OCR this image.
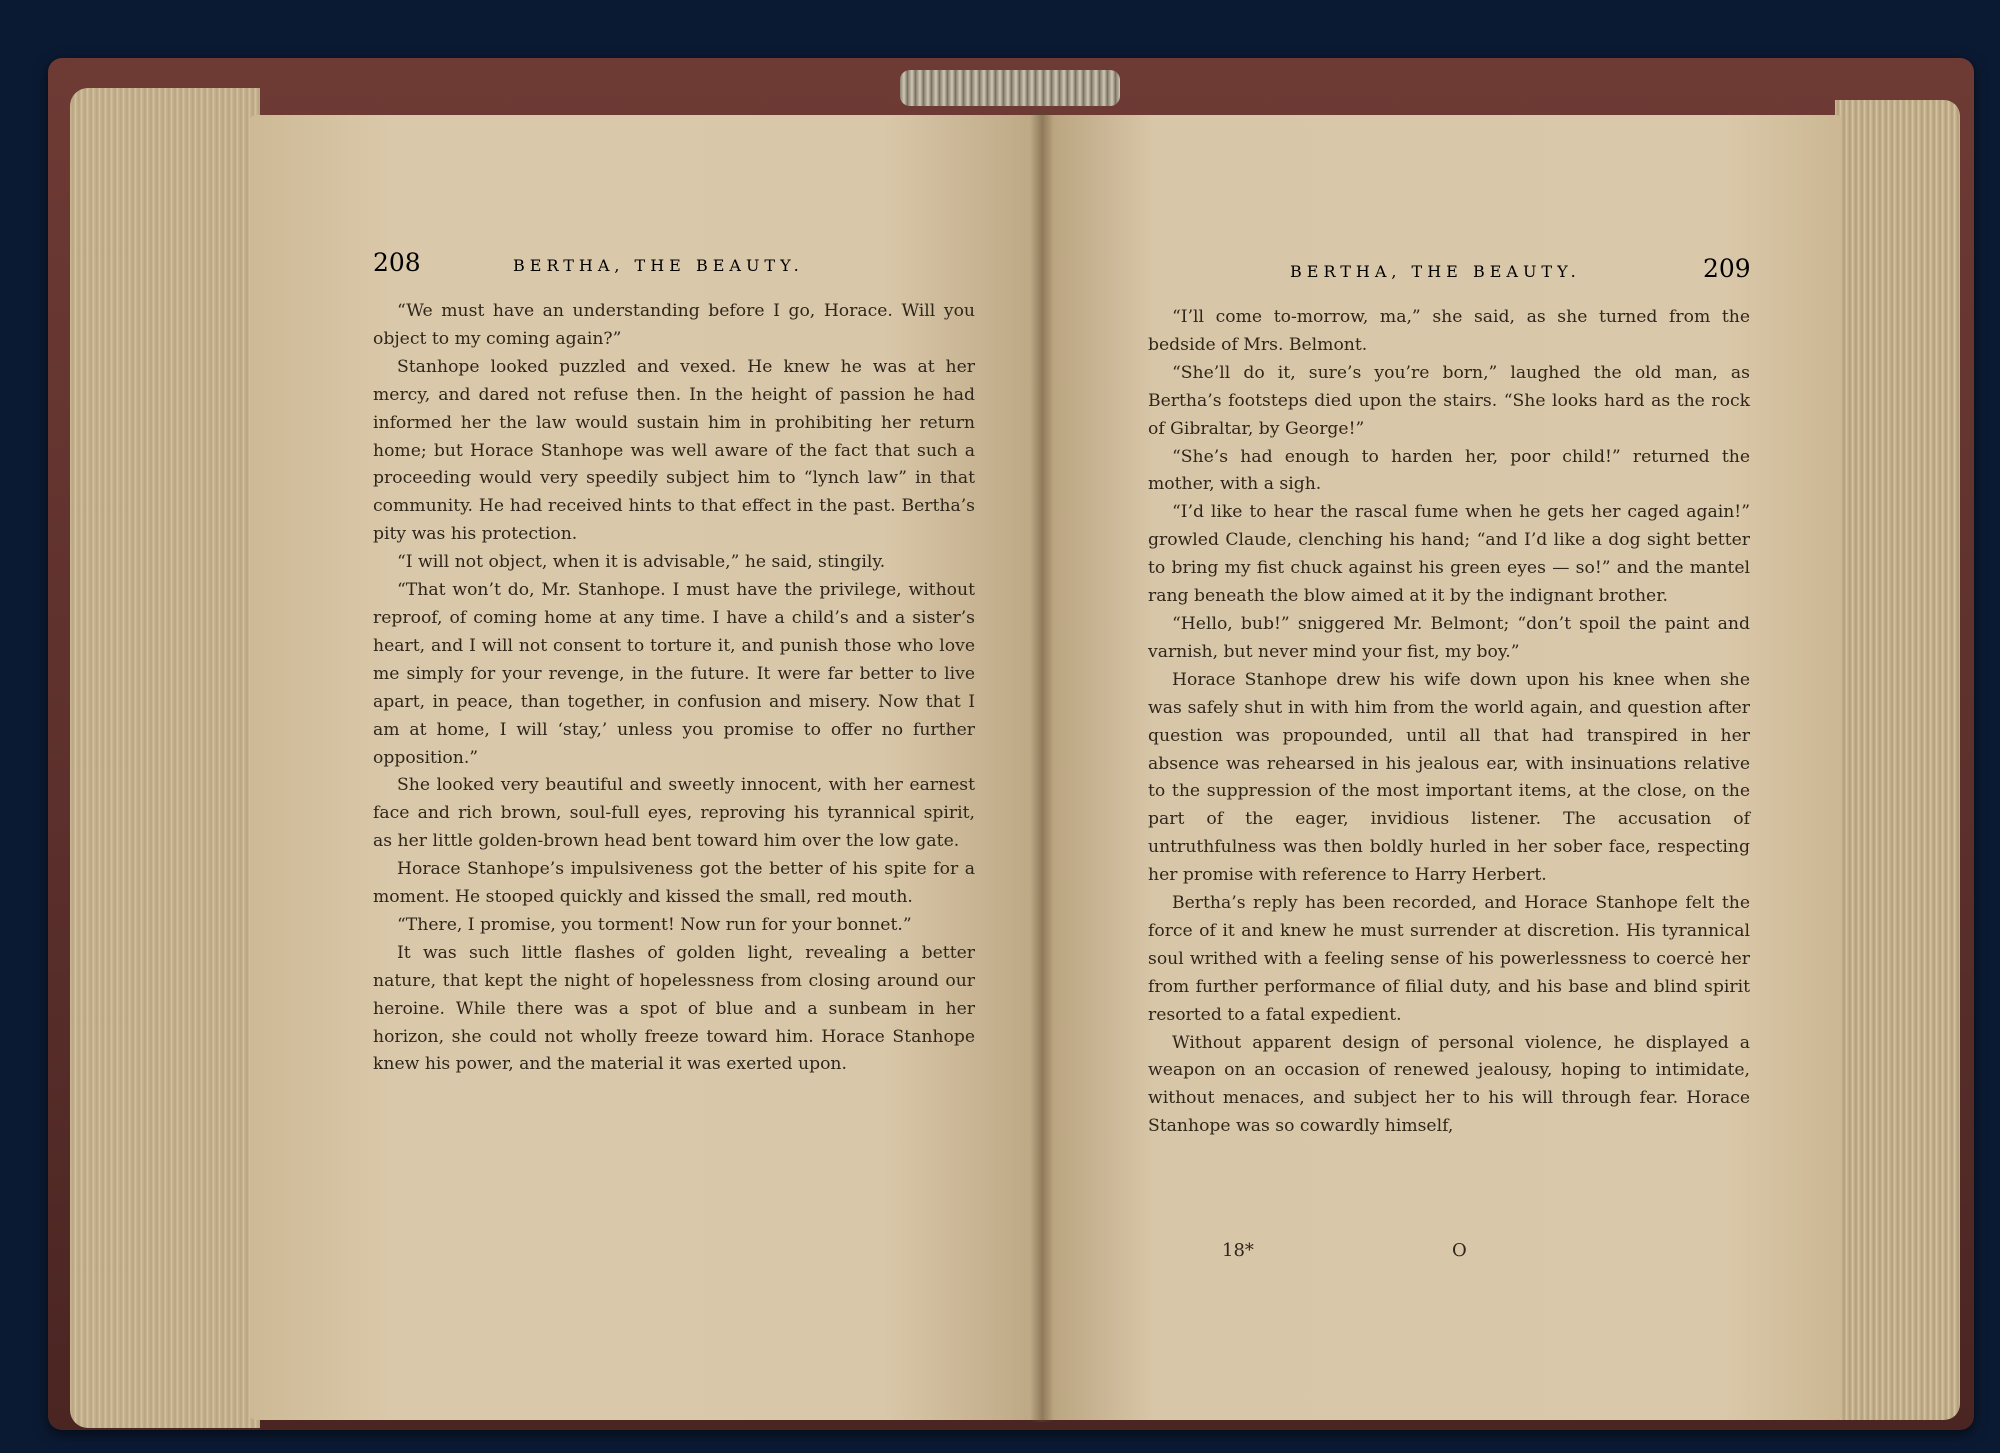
208	BERTHA, THE BEAUTY.	BERTHA, THE BEAUTY.	209

“We must have an understanding before I go, Horace. Will you object to my coming again?”

Stanhope looked puzzled and vexed. He knew he was at her mercy, and dared not refuse then. In the height of passion he had informed her the law would sustain him in prohibiting her return home; but Horace Stanhope was well aware of the fact that such a proceeding would very speedily subject him to “lynch law” in that community. He had received hints to that effect in the past. Bertha’s pity was his protection.

“I will not object, when it is advisable,” he said, stingily.

“That won’t do, Mr. Stanhope. I must have the privilege, without reproof, of coming home at any time. I have a child’s and a sister’s heart, and I will not consent to torture it, and punish those who love me simply for your revenge, in the future. It were far better to live apart, in peace, than together, in confusion and misery. Now that I am at home, I will ‘stay,’ unless you promise to offer no further opposition.”

She looked very beautiful and sweetly innocent, with her earnest face and rich brown, soul-full eyes, reproving his tyrannical spirit, as her little golden-brown head bent toward him over the low gate.

Horace Stanhope’s impulsiveness got the better of his spite for a moment. He stooped quickly and kissed the small, red mouth.

“There, I promise, you torment! Now run for your bonnet.”

It was such little flashes of golden light, revealing a better nature, that kept the night of hopelessness from closing around our heroine. While there was a spot of blue and a sunbeam in her horizon, she could not wholly freeze toward him. Horace Stanhope knew his power, and the material it was exerted upon.

“I’ll come to-morrow, ma,” she said, as she turned from the bedside of Mrs. Belmont.

“She’ll do it, sure’s you’re born,” laughed the old man, as Bertha’s footsteps died upon the stairs. “She looks hard as the rock of Gibraltar, by George!”

“She’s had enough to harden her, poor child!” returned the mother, with a sigh.

“I’d like to hear the rascal fume when he gets her caged again!” growled Claude, clenching his hand; “and I’d like a dog sight better to bring my fist chuck against his green eyes — so!” and the mantel rang beneath the blow aimed at it by the indignant brother.

“Hello, bub!” sniggered Mr. Belmont; “don’t spoil the paint and varnish, but never mind your fist, my boy.”

Horace Stanhope drew his wife down upon his knee when she was safely shut in with him from the world again, and question after question was propounded, until all that had transpired in her absence was rehearsed in his jealous ear, with insinuations relative to the suppression of the most important items, at the close, on the part of the eager, invidious listener. The accusation of untruthfulness was then boldly hurled in her sober face, respecting her promise with reference to Harry Herbert.

Bertha’s reply has been recorded, and Horace Stanhope felt the force of it and knew he must surrender at discretion. His tyrannical soul writhed with a feeling sense of his powerlessness to coercė her from further performance of filial duty, and his base and blind spirit resorted to a fatal expedient.

Without apparent design of personal violence, he displayed a weapon on an occasion of renewed jealousy, hoping to intimidate, without menaces, and subject her to his will through fear. Horace Stanhope was so cowardly himself,

18*	O
